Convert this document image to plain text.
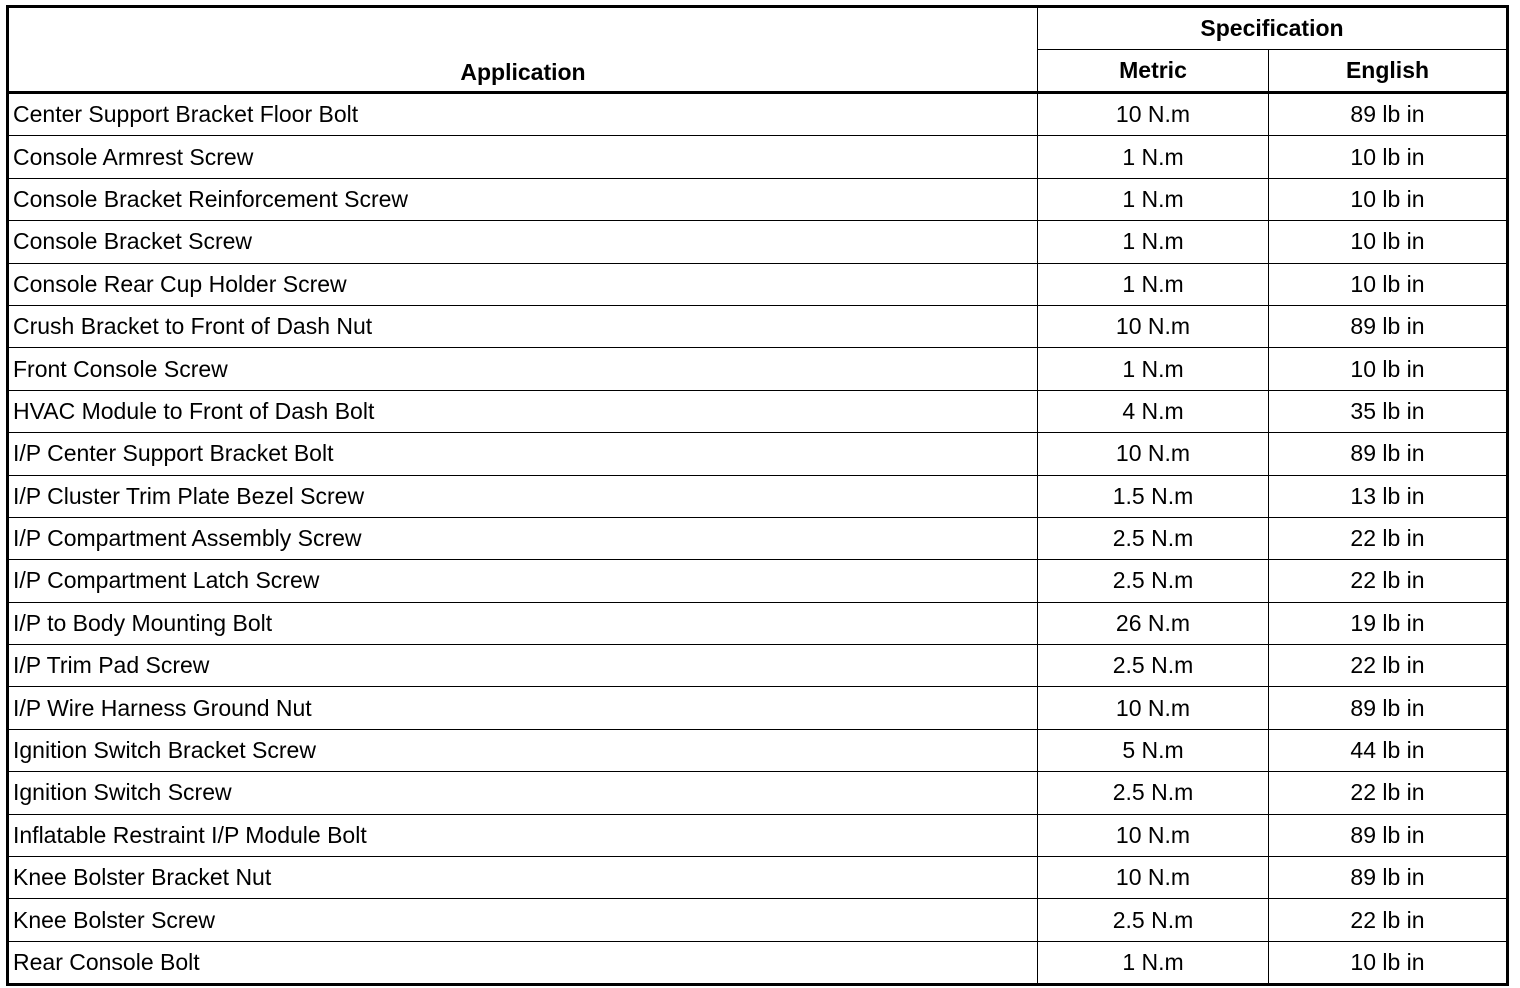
Application	Specification	
	Metric	English
Center Support Bracket Floor Bolt	10 N.m	89 lb in
Console Armrest Screw	1 N.m	10 lb in
Console Bracket Reinforcement Screw	1 N.m	10 lb in
Console Bracket Screw	1 N.m	10 lb in
Console Rear Cup Holder Screw	1 N.m	10 lb in
Crush Bracket to Front of Dash Nut	10 N.m	89 lb in
Front Console Screw	1 N.m	10 lb in
HVAC Module to Front of Dash Bolt	4 N.m	35 lb in
I/P Center Support Bracket Bolt	10 N.m	89 lb in
I/P Cluster Trim Plate Bezel Screw	1.5 N.m	13 lb in
I/P Compartment Assembly Screw	2.5 N.m	22 lb in
I/P Compartment Latch Screw	2.5 N.m	22 lb in
I/P to Body Mounting Bolt	26 N.m	19 lb in
I/P Trim Pad Screw	2.5 N.m	22 lb in
I/P Wire Harness Ground Nut	10 N.m	89 lb in
Ignition Switch Bracket Screw	5 N.m	44 lb in
Ignition Switch Screw	2.5 N.m	22 lb in
Inflatable Restraint I/P Module Bolt	10 N.m	89 lb in
Knee Bolster Bracket Nut	10 N.m	89 lb in
Knee Bolster Screw	2.5 N.m	22 lb in
Rear Console Bolt	1 N.m	10 lb in
